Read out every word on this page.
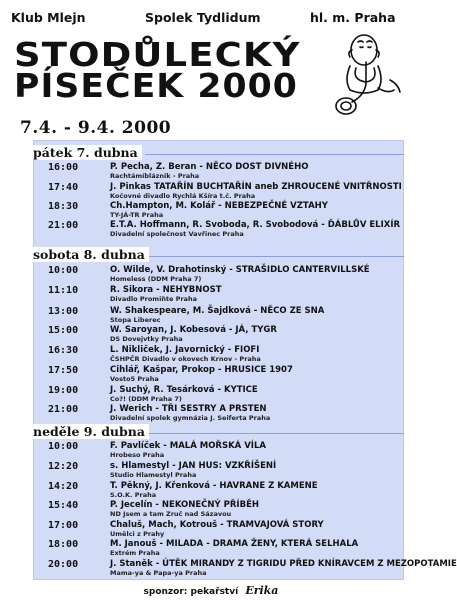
Klub Mlejn	Spolek Tydlidum	hl. m. Praha
STODŮLECKÝ
PÍSEČEK 2000
7.4. - 9.4. 2000
pátek 7. dubna
16:00	P. Pecha, Z. Beran - NĚCO DOST DIVNÉHO
Rachtámíbláznik - Praha
17:40	J. Pinkas TATAŘÍN BUCHTAŘÍN aneb ZHROUCENÉ VNITŘNOSTI
Kočovné divadlo Rychlá Kšíra t.č. Praha
18:30	Ch.Hampton, M. Kolář - NEBEZPEČNÉ VZTAHY
TY-JÁ-TR Praha
21:00	E.T.A. Hoffmann, R. Svoboda, R. Svobodová - ĎÁBLŮV ELIXÍR
Divadelní společnost Vavřinec Praha
sobota 8. dubna
10:00	O. Wilde, V. Drahotinský - STRAŠIDLO CANTERVILLSKÉ
Homeless (DDM Praha 7)
11:10	R. Sikora - NEHYBNOST
Divadlo Promiňte Praha
13:00	W. Shakespeare, M. Šajdková - NĚCO ZE SNA
Stopa Liberec
15:00	W. Saroyan, J. Kobesová - JÁ, TYGR
DS Dovejvtky Praha
16:30	L. Nikliček, J. Javornický - FIOFI
ČSHPČR Divadlo v okovech Krnov - Praha
17:50	Cihlář, Kašpar, Prokop - HRUSICE 1907
Vosto5 Praha
19:00	J. Suchý, R. Tesárková - KYTICE
Co?! (DDM Praha 7)
21:00	J. Werich - TŘI SESTRY A PRSTEN
Divadelní spolek gymnázia J. Seiferta Praha
neděle 9. dubna
10:00	F. Pavlíček - MALÁ MOŘSKÁ VÍLA
Hrobeso Praha
12:20	s. Hlamestyl - JAN HUS: VZKŘÍŠENÍ
Studio Hlamestyl Praha
14:20	T. Pěkný, J. Křenková - HAVRANE Z KAMENE
S.O.K. Praha
15:40	P. Jecelín - NEKONEČNÝ PŘÍBĚH
ND Jsem a tam Zruč nad Sázavou
17:00	Chaluš, Mach, Kotrouš - TRAMVAJOVÁ STORY
Umělci z Prahy
18:00	M. Janouš - MILADA - DRAMA ŽENY, KTERÁ SELHALA
Extrém Praha
20:00	J. Staněk - ÚTĚK MIRANDY Z TIGRIDU PŘED KNÍRAVCEM Z MEZOPOTAMIE
Mama-ya & Papa-ya Praha
sponzor: pekařství Erika
